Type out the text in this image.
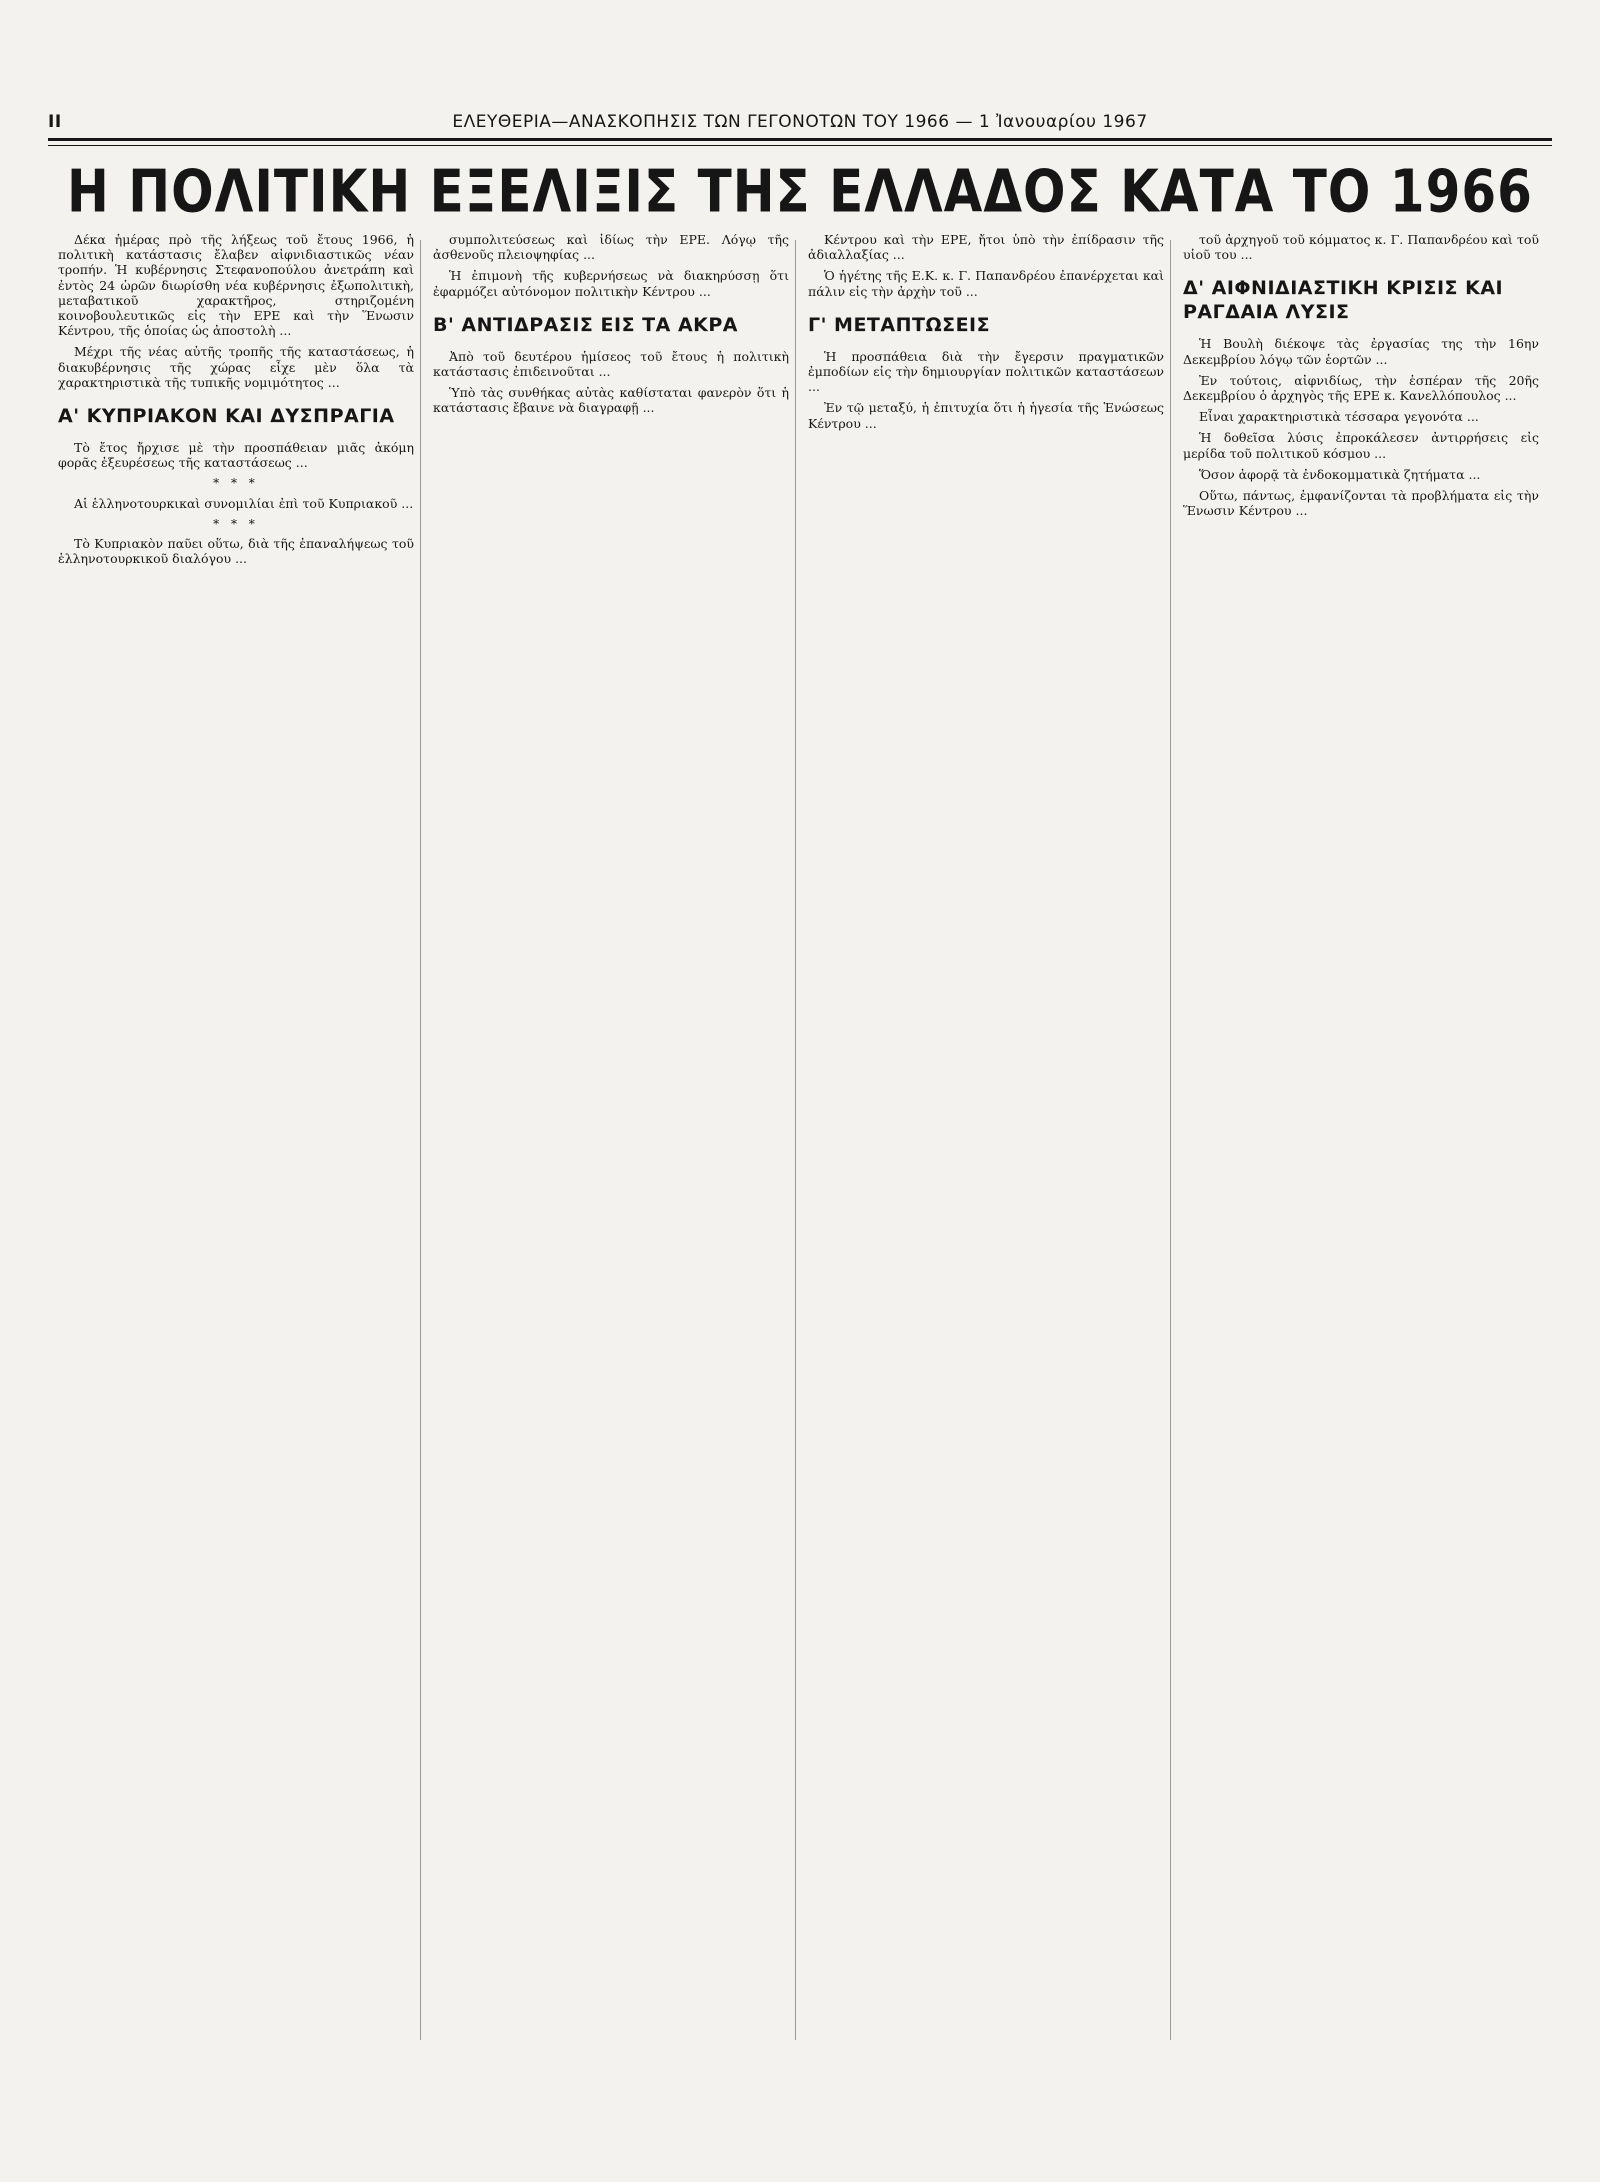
II	ΕΛΕΥΘΕΡΙΑ—ΑΝΑΣΚΟΠΗΣΙΣ ΤΩΝ ΓΕΓΟΝΟΤΩΝ ΤΟΥ 1966 — 1 Ἰανουαρίου 1967
Η ΠΟΛΙΤΙΚΗ ΕΞΕΛΙΞΙΣ ΤΗΣ ΕΛΛΑΔΟΣ ΚΑΤΑ ΤΟ 1966

Δέκα ἡμέρας πρὸ τῆς λήξεως τοῦ ἔτους 1966, ἡ πολιτικὴ κατάστασις ἔλαβεν αἰφνιδιαστικῶς νέαν τροπήν. Ἡ κυβέρνησις Στεφανοπούλου ἀνετράπη καὶ ἐντὸς 24 ὡρῶν διωρίσθη νέα κυβέρνησις ἐξωπολιτικὴ, μεταβατικοῦ χαρακτῆρος, στηριζομένη κοινοβουλευτικῶς εἰς τὴν ΕΡΕ καὶ τὴν Ἕνωσιν Κέντρου, τῆς ὁποίας ὡς ἀποστολὴ ...

Μέχρι τῆς νέας αὐτῆς τροπῆς τῆς καταστάσεως, ἡ διακυβέρνησις τῆς χώρας εἶχε μὲν ὅλα τὰ χαρακτηριστικὰ τῆς τυπικῆς νομιμότητος ...

Α' ΚΥΠΡΙΑΚΟΝ ΚΑΙ ΔΥΣΠΡΑΓΙΑ

Τὸ ἔτος ἤρχισε μὲ τὴν προσπάθειαν μιᾶς ἀκόμη φορᾶς ἐξευρέσεως τῆς καταστάσεως ...

* * *

Αἱ ἑλληνοτουρκικαὶ συνομιλίαι ἐπὶ τοῦ Κυπριακοῦ ...

* * *

Τὸ Κυπριακὸν παῦει οὕτω, διὰ τῆς ἐπαναλήψεως τοῦ ἑλληνοτουρκικοῦ διαλόγου ...

συμπολιτεύσεως καὶ ἰδίως τὴν ΕΡΕ. Λόγῳ τῆς ἀσθενοῦς πλειοψηφίας ...

Ἡ ἐπιμονὴ τῆς κυβερνήσεως νὰ διακηρύσσῃ ὅτι ἐφαρμόζει αὐτόνομον πολιτικὴν Κέντρου ...

Β' ΑΝΤΙΔΡΑΣΙΣ ΕΙΣ ΤΑ ΑΚΡΑ

Ἀπὸ τοῦ δευτέρου ἡμίσεος τοῦ ἔτους ἡ πολιτικὴ κατάστασις ἐπιδεινοῦται ...

Ὑπὸ τὰς συνθήκας αὐτὰς καθίσταται φανερὸν ὅτι ἡ κατάστασις ἔβαινε νὰ διαγραφῇ ...

Κέντρου καὶ τὴν ΕΡΕ, ἤτοι ὑπὸ τὴν ἐπίδρασιν τῆς ἀδιαλλαξίας ...

Ὁ ἡγέτης τῆς Ε.Κ. κ. Γ. Παπανδρέου ἐπανέρχεται καὶ πάλιν εἰς τὴν ἀρχὴν τοῦ ...

Γ' ΜΕΤΑΠΤΩΣΕΙΣ

Ἡ προσπάθεια διὰ τὴν ἔγερσιν πραγματικῶν ἐμποδίων εἰς τὴν δημιουργίαν πολιτικῶν καταστάσεων ...

Ἐν τῷ μεταξύ, ἡ ἐπιτυχία ὅτι ἡ ἡγεσία τῆς Ἑνώσεως Κέντρου ...

τοῦ ἀρχηγοῦ τοῦ κόμματος κ. Γ. Παπανδρέου καὶ τοῦ υἱοῦ του ...

Δ' ΑΙΦΝΙΔΙΑΣΤΙΚΗ ΚΡΙΣΙΣ ΚΑΙ ΡΑΓΔΑΙΑ ΛΥΣΙΣ

Ἡ Βουλὴ διέκοψε τὰς ἐργασίας της τὴν 16ην Δεκεμβρίου λόγῳ τῶν ἑορτῶν ...

Ἐν τούτοις, αἰφνιδίως, τὴν ἑσπέραν τῆς 20ῆς Δεκεμβρίου ὁ ἀρχηγὸς τῆς ΕΡΕ κ. Κανελλόπουλος ...

Εἶναι χαρακτηριστικὰ τέσσαρα γεγονότα ...

Ἡ δοθεῖσα λύσις ἐπροκάλεσεν ἀντιρρήσεις εἰς μερίδα τοῦ πολιτικοῦ κόσμου ...

Ὅσον ἀφορᾷ τὰ ἐνδοκομματικὰ ζητήματα ...

Οὕτω, πάντως, ἐμφανίζονται τὰ προβλήματα εἰς τὴν Ἕνωσιν Κέντρου ...
